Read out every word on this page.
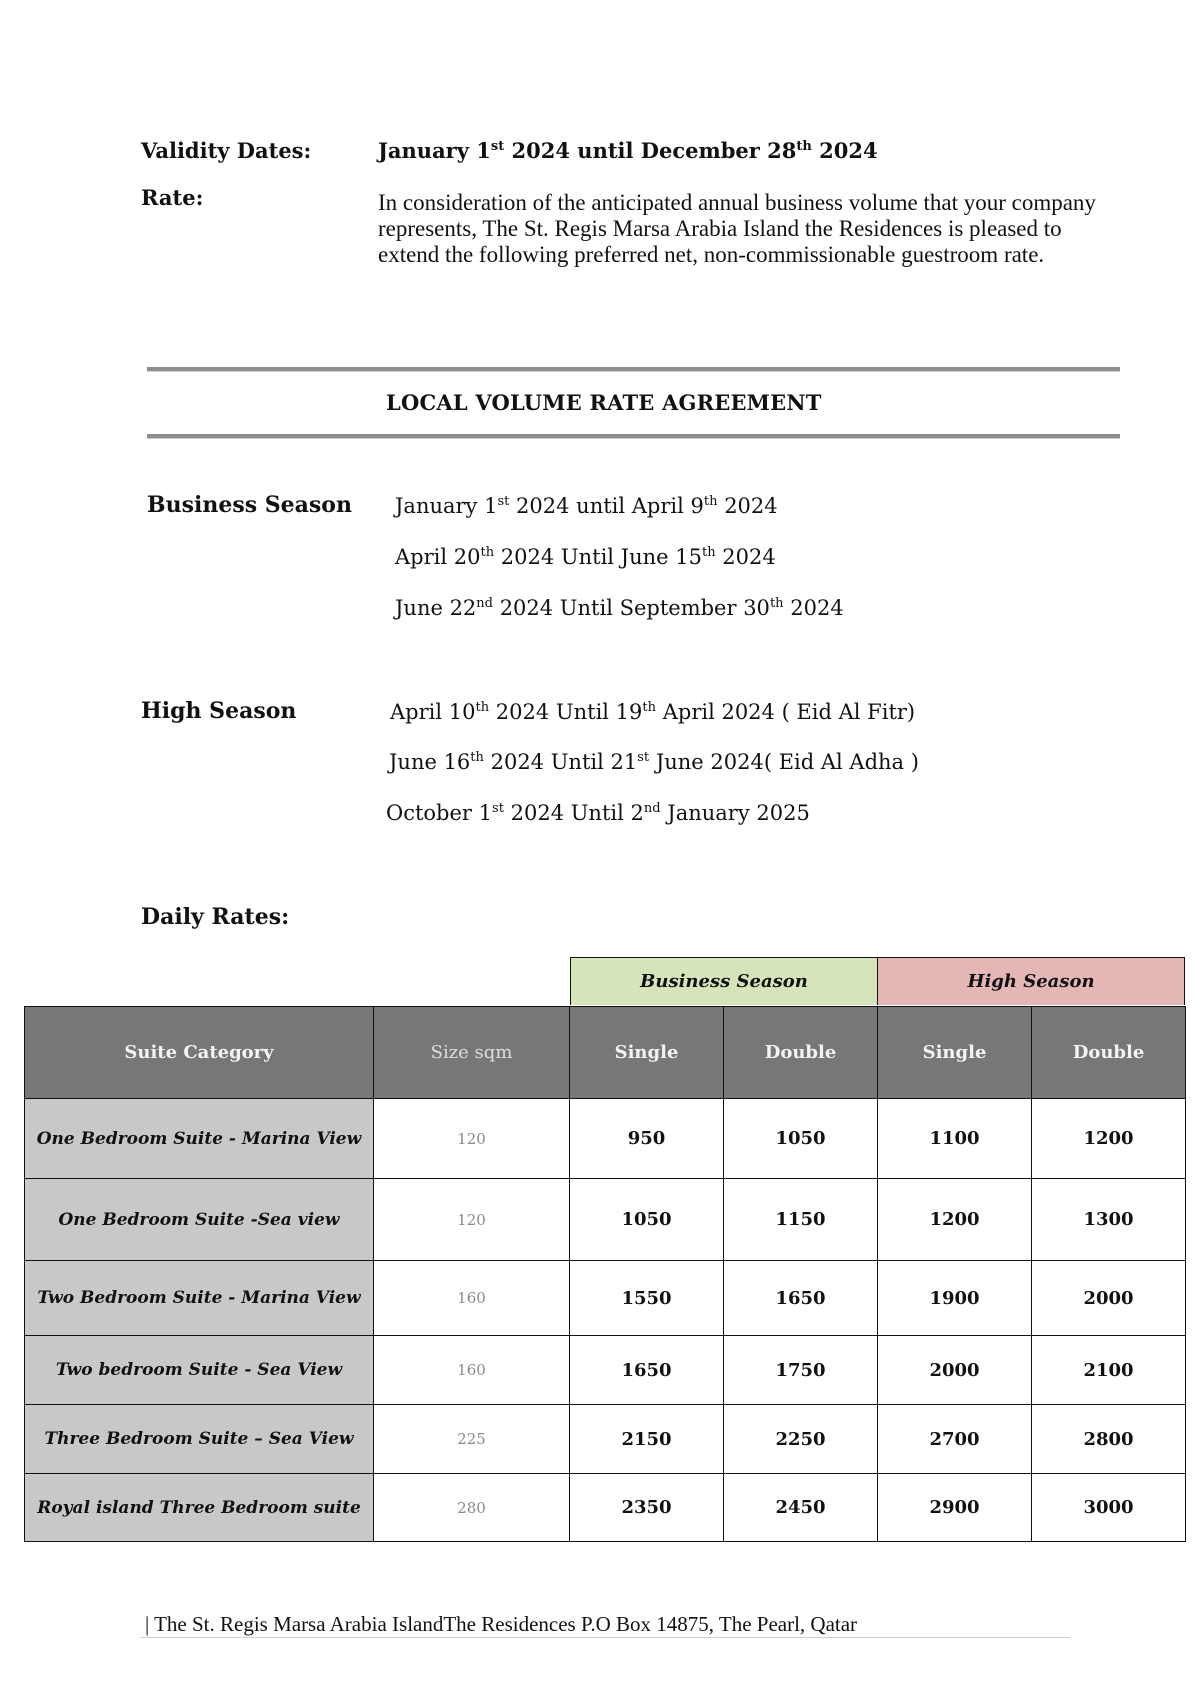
Validity Dates:	January 1st 2024 until December 28th 2024
Rate:	In consideration of the anticipated annual business volume that your company represents, The St. Regis Marsa Arabia Island the Residences is pleased to extend the following preferred net, non-commissionable guestroom rate.
LOCAL VOLUME RATE AGREEMENT
Business Season January 1st 2024 until April 9th 2024
April 20th 2024 Until June 15th 2024
June 22nd 2024 Until September 30th 2024
High Season	April 10th 2024 Until 19th April 2024 ( Eid Al Fitr)
June 16th 2024 Until 21st June 2024( Eid Al Adha )
October 1st 2024 Until 2nd January 2025
Daily Rates:
Business Season	High Season
Suite Category	Size sqm	Single	Double	Single	Double
One Bedroom Suite - Marina View	120	950	1050	1100	1200
One Bedroom Suite -Sea view	120	1050	1150	1200	1300
Two Bedroom Suite - Marina View	160	1550	1650	1900	2000
Two bedroom Suite - Sea View	160	1650	1750	2000	2100
Three Bedroom Suite – Sea View	225	2150	2250	2700	2800
Royal island Three Bedroom suite	280	2350	2450	2900	3000
| The St. Regis Marsa Arabia IslandThe Residences P.O Box 14875, The Pearl, Qatar
